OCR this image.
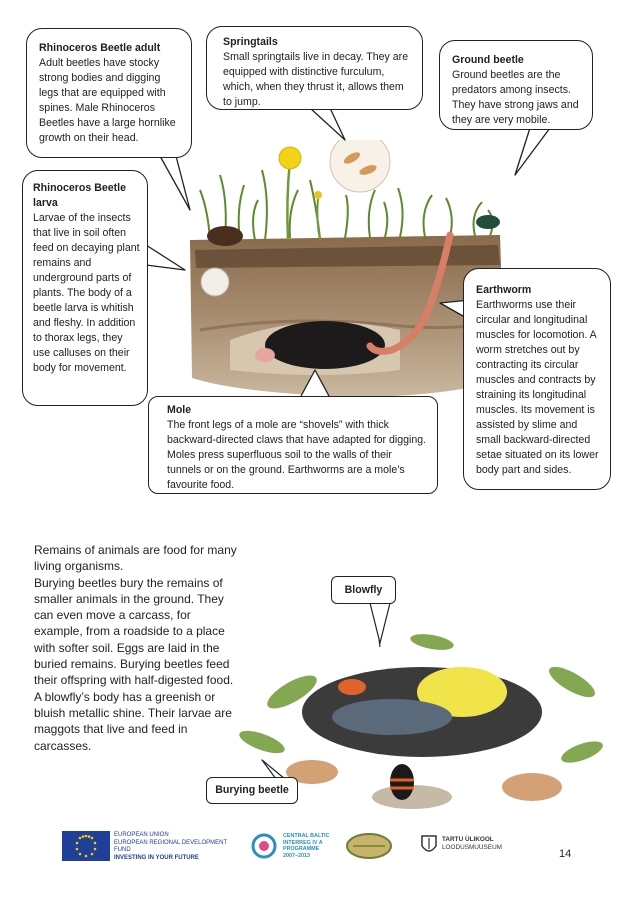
Rhinoceros Beetle adult
Adult beetles have stocky strong bodies and digging legs that are equipped with spines. Male Rhinoceros Beetles have a large hornlike growth on their head.
Springtails
Small springtails live in decay. They are equipped with distinctive furculum, which, when they thrust it, allows them to jump.
Ground beetle
Ground beetles are the predators among insects. They have strong jaws and they are very mobile.
Rhinoceros Beetle larva
Larvae of the insects that live in soil often feed on decaying plant remains and underground parts of plants. The body of a beetle larva is whitish and fleshy. In addition to thorax legs, they use calluses on their body for movement.
Earthworm
Earthworms use their circular and longitudinal muscles for locomotion. A worm stretches out by contracting its circular muscles and contracts by straining its longitudinal muscles. Its movement is assisted by slime and small backward-directed setae situated on its lower body part and sides.
Mole
The front legs of a mole are “shovels” with thick backward-directed claws that have adapted for digging. Moles press superfluous soil to the walls of their tunnels or on the ground. Earthworms are a mole’s favourite food.
Remains of animals are food for many living organisms.
Burying beetles bury the remains of smaller animals in the ground. They can even move a carcass, for example, from a roadside to a place with softer soil. Eggs are laid in the buried remains. Burying beetles feed their offspring with half-digested food.
A blowfly’s body has a greenish or bluish metallic shine. Their larvae are maggots that live and feed in carcasses.
Blowfly
Burying beetle
EUROPEAN UNION
EUROPEAN REGIONAL DEVELOPMENT FUND
INVESTING IN YOUR FUTURE
CENTRAL BALTIC
INTERREG IV A
PROGRAMME
2007–2013
TARTU ÜLIKOOL
LOODUSMUUSEUM
14
